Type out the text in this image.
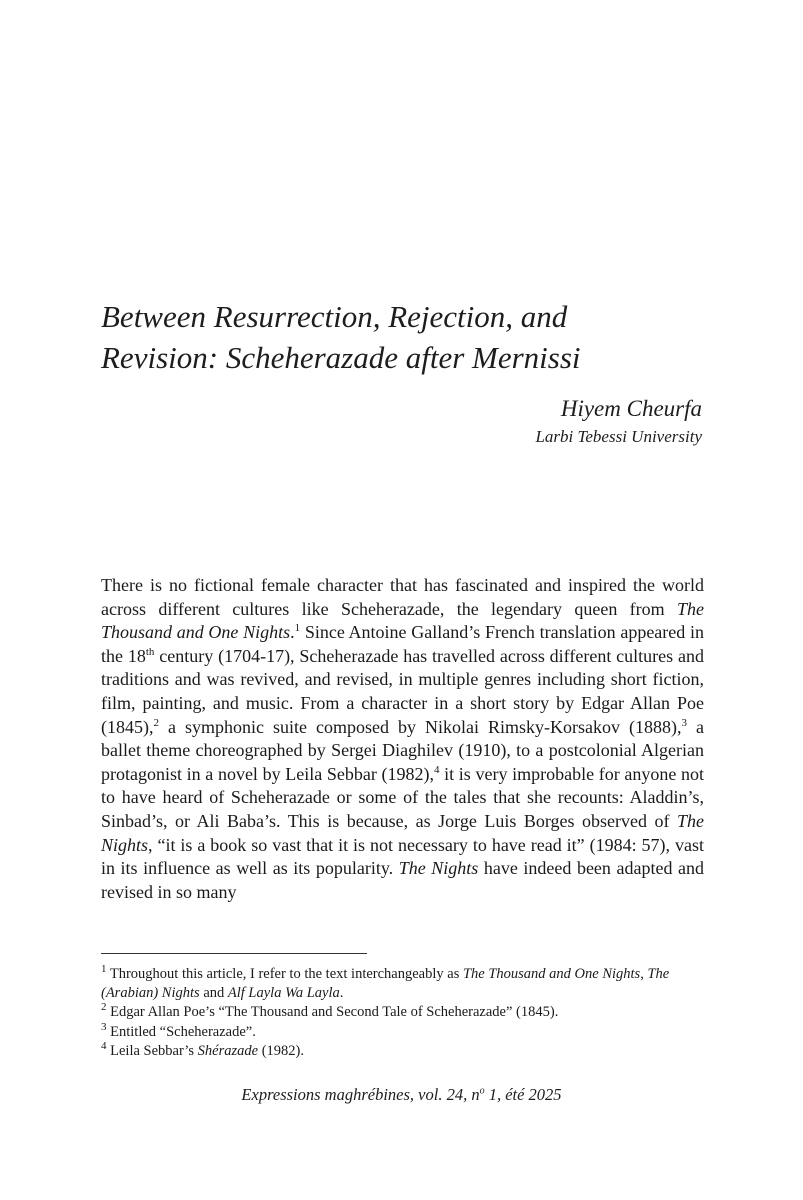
Between Resurrection, Rejection, and
Revision: Scheherazade after Mernissi
Hiyem Cheurfa
Larbi Tebessi University

There is no fictional female character that has fascinated and inspired the world across different cultures like Scheherazade, the legendary queen from The Thousand and One Nights.$^1$ Since Antoine Galland’s French translation appeared in the 18th century (1704-17), Scheherazade has travelled across different cultures and traditions and was revived, and revised, in multiple genres including short fiction, film, painting, and music. From a character in a short story by Edgar Allan Poe (1845),$^2$ a symphonic suite composed by Nikolai Rimsky-Korsakov (1888),$^3$ a ballet theme choreographed by Sergei Diaghilev (1910), to a postcolonial Algerian protagonist in a novel by Leila Sebbar (1982),$^4$ it is very improbable for anyone not to have heard of Scheherazade or some of the tales that she recounts: Aladdin’s, Sinbad’s, or Ali Baba’s. This is because, as Jorge Luis Borges observed of The Nights, “it is a book so vast that it is not necessary to have read it” (1984: 57), vast in its influence as well as its popularity. The Nights have indeed been adapted and revised in so many

$^1$ Throughout this article, I refer to the text interchangeably as The Thousand and One Nights, The (Arabian) Nights and Alf Layla Wa Layla.

$^2$ Edgar Allan Poe’s “The Thousand and Second Tale of Scheherazade” (1845).

$^3$ Entitled “Scheherazade”.

$^4$ Leila Sebbar’s Shérazade (1982).

Expressions maghrébines, vol. 24, $n^o$ 1, été 2025
